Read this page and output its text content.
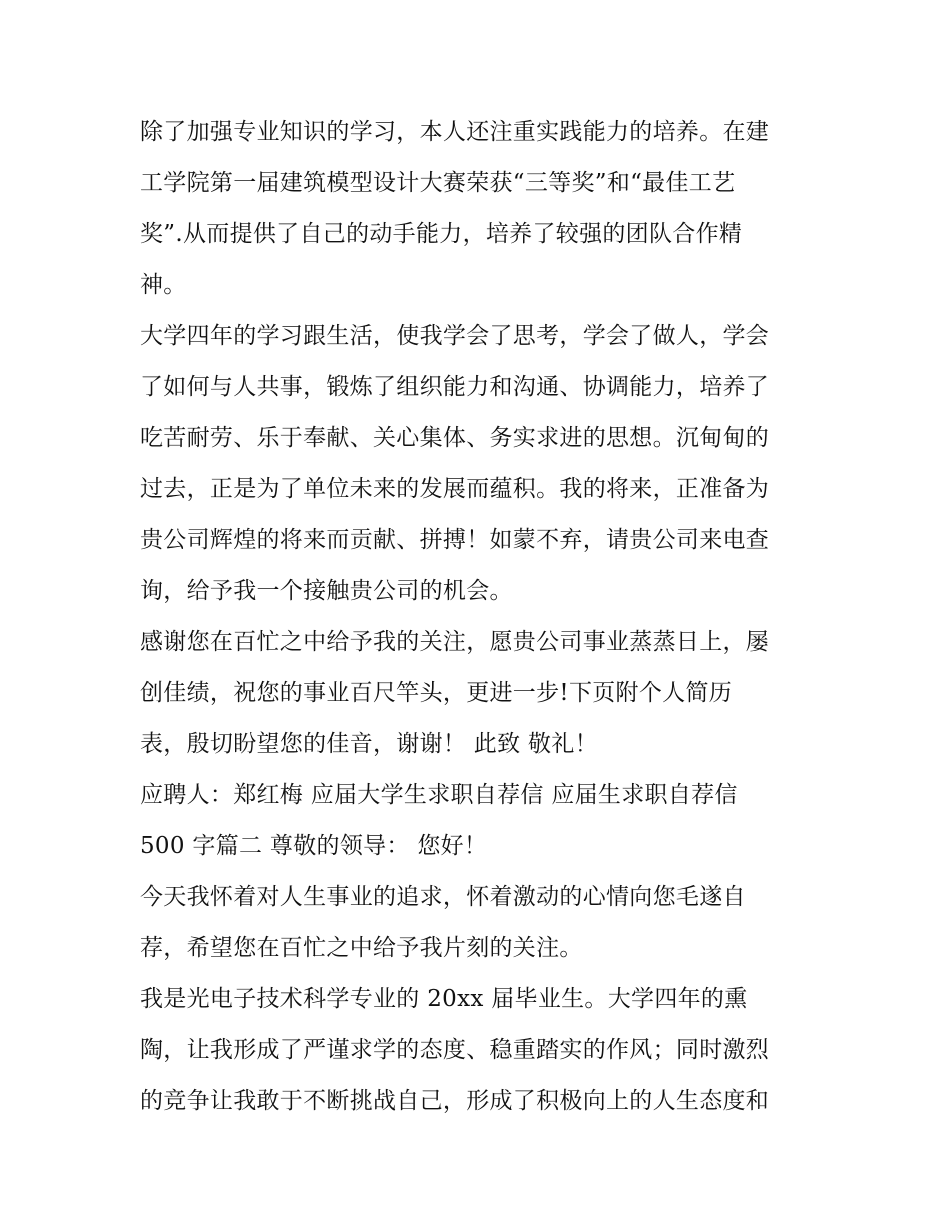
除了加强专业知识的学习，本人还注重实践能力的培养。在建
工学院第一届建筑模型设计大赛荣获“三等奖”和“最佳工艺
奖”.从而提供了自己的动手能力，培养了较强的团队合作精
神。
大学四年的学习跟生活，使我学会了思考，学会了做人，学会
了如何与人共事，锻炼了组织能力和沟通、协调能力，培养了
吃苦耐劳、乐于奉献、关心集体、务实求进的思想。沉甸甸的
过去，正是为了单位未来的发展而蕴积。我的将来，正准备为
贵公司辉煌的将来而贡献、拼搏！如蒙不弃，请贵公司来电查
询，给予我一个接触贵公司的机会。
感谢您在百忙之中给予我的关注，愿贵公司事业蒸蒸日上，屡
创佳绩，祝您的事业百尺竿头，更进一步!下页附个人简历
表，殷切盼望您的佳音，谢谢！ 此致 敬礼！
应聘人：郑红梅 应届大学生求职自荐信 应届生求职自荐信
500 字篇二 尊敬的领导： 您好！
今天我怀着对人生事业的追求，怀着激动的心情向您毛遂自
荐，希望您在百忙之中给予我片刻的关注。
我是光电子技术科学专业的 20xx 届毕业生。大学四年的熏
陶，让我形成了严谨求学的态度、稳重踏实的作风；同时激烈
的竞争让我敢于不断挑战自己，形成了积极向上的人生态度和
